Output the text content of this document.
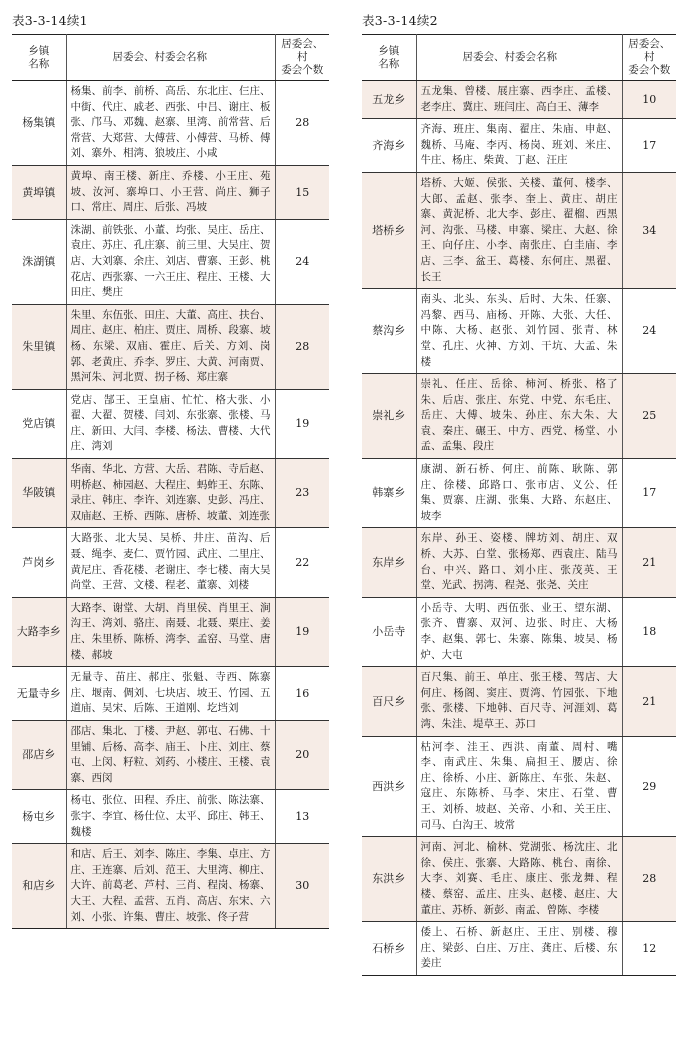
表3-3-14续1
乡镇
名称	居委会、村委会名称	居委会、村
委会个数
杨集镇	杨集、前李、前桥、高岳、东北庄、仨庄、中街、代庄、戚老、西张、中吕、谢庄、板张、邝马、邓魏、赵寨、里湾、前常营、后常营、大郑营、大傅营、小傅营、马桥、傅刘、寨外、相湾、狼坡庄、小咸	28
黄埠镇	黄埠、南王楼、新庄、乔楼、小王庄、苑坡、汝河、寨埠口、小王营、尚庄、狮子口、常庄、周庄、后张、冯坡	15
洙湖镇	洙湖、前铁张、小董、均张、吴庄、岳庄、袁庄、苏庄、孔庄寨、前三里、大吴庄、贺店、大刘寨、余庄、刘店、曹寨、王彭、桃花店、西张寨、一六王庄、程庄、王楼、大田庄、樊庄	24
朱里镇	朱里、东伍张、田庄、大董、高庄、扶台、周庄、赵庄、柏庄、贾庄、周桥、段寨、坡杨、东梁、双庙、霍庄、后关、方刘、岗郭、老黄庄、乔李、罗庄、大黄、河南贾、黑河朱、河北贾、拐子杨、郑庄寨	28
党店镇	党店、郜王、王皇庙、忙忙、格大张、小翟、大翟、贺楼、闫刘、东张寨、张楼、马庄、新田、大闫、李楼、杨法、曹楼、大代庄、湾刘	19
华陂镇	华南、华北、方营、大岳、君陈、寺后赵、明桥赵、柿园赵、大程庄、蚂蚱王、东陈、录庄、韩庄、李许、刘连寨、史彭、冯庄、双庙赵、王桥、西陈、唐桥、坡董、刘连张	23
芦岗乡	大路张、北大吴、吴桥、井庄、苗沟、后聂、绳李、麦仁、贾竹园、武庄、二里庄、黄尼庄、香花楼、老谢庄、李七楼、南大吴尚堂、王营、文楼、程老、董寨、刘楼	22
大路李乡	大路李、谢堂、大胡、肖里侯、肖里王、涧沟王、湾刘、骆庄、南聂、北聂、栗庄、姜庄、朱里桥、陈桥、湾李、孟窑、马堂、唐楼、郝坡	19
无量寺乡	无量寺、苗庄、郝庄、张魁、寺西、陈寨庄、堰南、倜刘、七块店、坡王、竹园、五道庙、吴宋、后陈、王道刚、圪垱刘	16
邵店乡	邵店、集北、丁楼、尹赵、郭屯、石佛、十里铺、后杨、高李、庙王、卜庄、刘庄、蔡屯、上闵、籽粒、刘药、小楼庄、王楼、袁寨、西闵	20
杨屯乡	杨屯、张位、田程、乔庄、前张、陈法寨、张宇、李宜、杨仕位、太平、邱庄、韩王、魏楼	13
和店乡	和店、后王、刘李、陈庄、李集、卓庄、方庄、王连寨、后刘、范王、大里湾、柳庄、大许、前葛老、芦村、三肖、程岗、杨寨、大王、大程、孟营、五肖、高店、东宋、六刘、小张、许集、曹庄、坡张、佟子营	30
表3-3-14续2
乡镇
名称	居委会、村委会名称	居委会、村
委会个数
五龙乡	五龙集、曾楼、展庄寨、西李庄、孟楼、老李庄、冀庄、班闫庄、高白王、薄李	10
齐海乡	齐海、班庄、集南、翟庄、朱庙、申赵、魏桥、马庵、李丙、杨岗、班刘、米庄、牛庄、杨庄、柴黄、丁赵、汪庄	17
塔桥乡	塔桥、大姬、侯张、关楼、董何、楼李、大郎、孟赵、张李、奎上、黄庄、胡庄寨、黄泥桥、北大李、彭庄、翟榴、西黑河、沟张、马楼、申寨、梁庄、大赵、徐王、向仔庄、小李、南张庄、白圭庙、李店、三李、盆王、葛楼、东何庄、黑翟、长王	34
蔡沟乡	南头、北头、东头、后时、大朱、任寨、冯黎、西马、庙杨、开陈、大张、大任、中陈、大杨、赵张、刘竹园、张青、林堂、孔庄、火神、方刘、干坑、大孟、朱楼	24
崇礼乡	崇礼、任庄、岳徐、柿河、桥张、格了朱、后店、张庄、东党、中党、东毛庄、岳庄、大傅、坡朱、孙庄、东大朱、大袁、秦庄、碾王、中方、西党、杨堂、小孟、孟集、段庄	25
韩寨乡	康湖、新石桥、何庄、前陈、耿陈、郭庄、徐楼、邱路口、张市店、义公、任集、贾寨、庄湖、张集、大路、东赵庄、坡李	17
东岸乡	东岸、孙王、姿楼、牌坊刘、胡庄、双桥、大苏、白堂、张杨郑、西袁庄、陆马台、中兴、路口、刘小庄、张茂英、王堂、光武、拐湾、程尧、张尧、关庄	21
小岳寺	小岳寺、大明、西伍张、业王、望东湖、张齐、曹寨、双河、边张、时庄、大杨李、赵集、郭七、朱寨、陈集、坡吴、杨炉、大屯	18
百尺乡	百尺集、前王、单庄、张王楼、驾店、大何庄、杨阁、窦庄、贾湾、竹园张、下地张、张楼、下地韩、百尺寺、河涯刘、葛湾、朱洼、堤草王、苏口	21
西洪乡	枯河李、洼王、西洪、南董、周村、嘴李、南武庄、朱集、扁担王、腰店、徐庄、徐桥、小庄、新陈庄、车张、朱赵、寇庄、东陈桥、马李、宋庄、石堂、曹王、刘桥、坡赵、关帝、小和、关王庄、司马、白沟王、坡常	29
东洪乡	河南、河北、榆林、党湖张、杨沈庄、北徐、侯庄、张寨、大路陈、桃台、南徐、大李、刘赛、毛庄、康庄、张龙舞、程楼、蔡窑、孟庄、庄头、赵楼、赵庄、大董庄、苏桥、新彭、南孟、曾陈、李楼	28
石桥乡	倭上、石桥、新赵庄、王庄、别楼、穆庄、梁彭、白庄、万庄、龚庄、后楼、东姜庄	12
